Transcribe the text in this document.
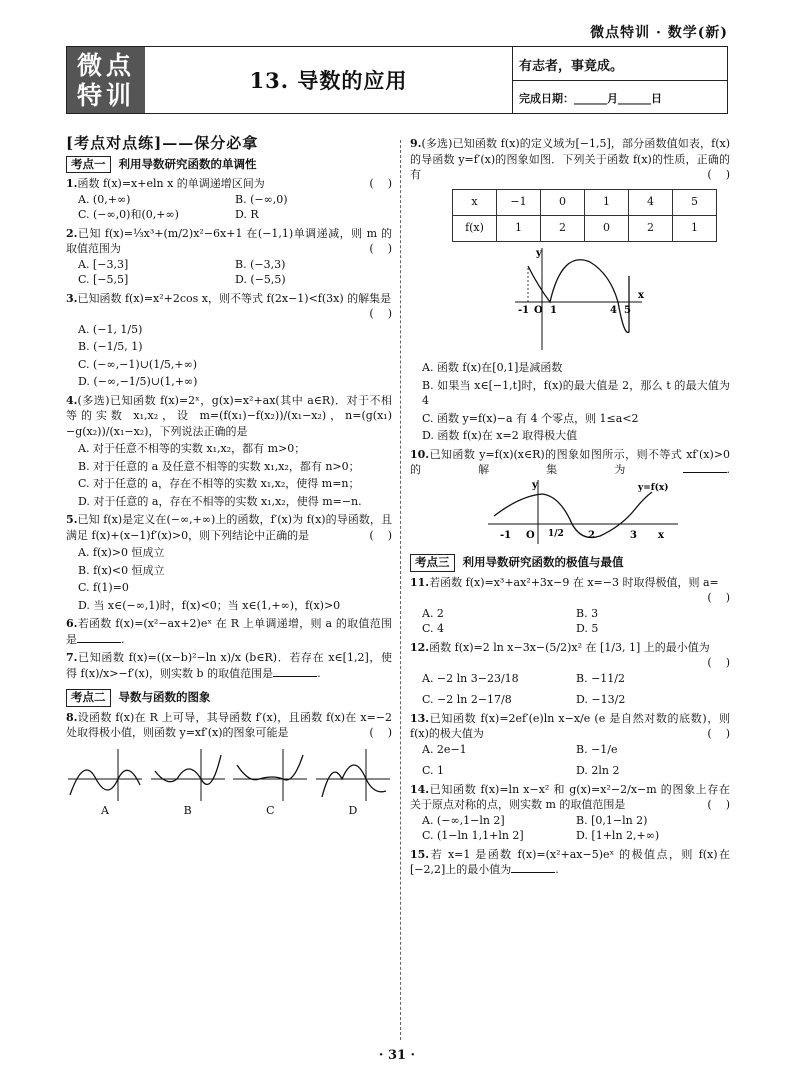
微点特训 · 数学(新)
微点
特训
13. 导数的应用
有志者，事竟成。
完成日期：______月______日
[考点对点练]——保分必拿
考点一	利用导数研究函数的单调性
1.函数 f(x)=x+eln x 的单调递增区间为	(    )
A. (0,+∞)	B. (−∞,0)
C. (−∞,0)和(0,+∞)	D. R
2.已知 f(x)=⅓x³+(m/2)x²−6x+1 在(−1,1)单调递减，则 m 的取值范围为	(    )
A. [−3,3]	B. (−3,3)
C. [−5,5]	D. (−5,5)
3.已知函数 f(x)=x²+2cos x，则不等式 f(2x−1)<f(3x) 的解集是
(    )
A. (−1, 1/5)
B. (−1/5, 1)
C. (−∞,−1)∪(1/5,+∞)
D. (−∞,−1/5)∪(1,+∞)
4.(多选)已知函数 f(x)=2ˣ，g(x)=x²+ax(其中 a∈R)．对于不相等的实数 x₁,x₂，设 m=(f(x₁)−f(x₂))/(x₁−x₂)，n=(g(x₁)−g(x₂))/(x₁−x₂)，下列说法正确的是
A. 对于任意不相等的实数 x₁,x₂，都有 m>0；
B. 对于任意的 a 及任意不相等的实数 x₁,x₂，都有 n>0；
C. 对于任意的 a，存在不相等的实数 x₁,x₂，使得 m=n；
D. 对于任意的 a，存在不相等的实数 x₁,x₂，使得 m=−n.
5.已知 f(x)是定义在(−∞,+∞)上的函数，f′(x)为 f(x)的导函数，且满足 f(x)+(x−1)f′(x)>0，则下列结论中正确的是	(    )
A. f(x)>0 恒成立
B. f(x)<0 恒成立
C. f(1)=0
D. 当 x∈(−∞,1)时，f(x)<0；当 x∈(1,+∞)，f(x)>0
6.若函数 f(x)=(x²−ax+2)eˣ 在 R 上单调递增，则 a 的取值范围是	.
7.已知函数 f(x)=((x−b)²−ln x)/x (b∈R)．若存在 x∈[1,2]，使得 f(x)/x>−f′(x)，则实数 b 的取值范围是	.
考点二	导数与函数的图象
8.设函数 f(x)在 R 上可导，其导函数 f′(x)，且函数 f(x)在 x=−2 处取得极小值，则函数 y=xf′(x)的图象可能是	(    )
A	B	C	D
9.(多选)已知函数 f(x)的定义域为[−1,5]，部分函数值如表，f(x)的导函数 y=f′(x)的图象如图．下列关于函数 f(x)的性质，正确的有	(    )
x	−1	0	1	4	5
f(x)	1	2	0	2	1
-1 O 1	4 5
y
x
A. 函数 f(x)在[0,1]是减函数
B. 如果当 x∈[−1,t]时，f(x)的最大值是 2，那么 t 的最大值为 4
C. 函数 y=f(x)−a 有 4 个零点，则 1≤a<2
D. 函数 f(x)在 x=2 取得极大值
10.已知函数 y=f(x)(x∈R)的图象如图所示，则不等式 xf′(x)>0 的解集为	.
-1 O 1/2 2	3 x
y	y=f(x)
考点三	利用导数研究函数的极值与最值
11.若函数 f(x)=x³+ax²+3x−9 在 x=−3 时取得极值，则 a=
(    )
A. 2	B. 3
C. 4	D. 5
12.函数 f(x)=2 ln x−3x−(5/2)x² 在 [1/3, 1] 上的最小值为
(    )
A. −2 ln 3−23/18	B. −11/2
C. −2 ln 2−17/8	D. −13/2
13.已知函数 f(x)=2ef′(e)ln x−x/e (e 是自然对数的底数)，则 f(x)的极大值为	(    )
A. 2e−1	B. −1/e
C. 1	D. 2ln 2
14.已知函数 f(x)=ln x−x² 和 g(x)=x²−2/x−m 的图象上存在关于原点对称的点，则实数 m 的取值范围是	(    )
A. (−∞,1−ln 2]	B. [0,1−ln 2)
C. (1−ln 1,1+ln 2]	D. [1+ln 2,+∞)
15.若 x=1 是函数 f(x)=(x²+ax−5)eˣ 的极值点，则 f(x)在[−2,2]上的最小值为	.
· 31 ·
